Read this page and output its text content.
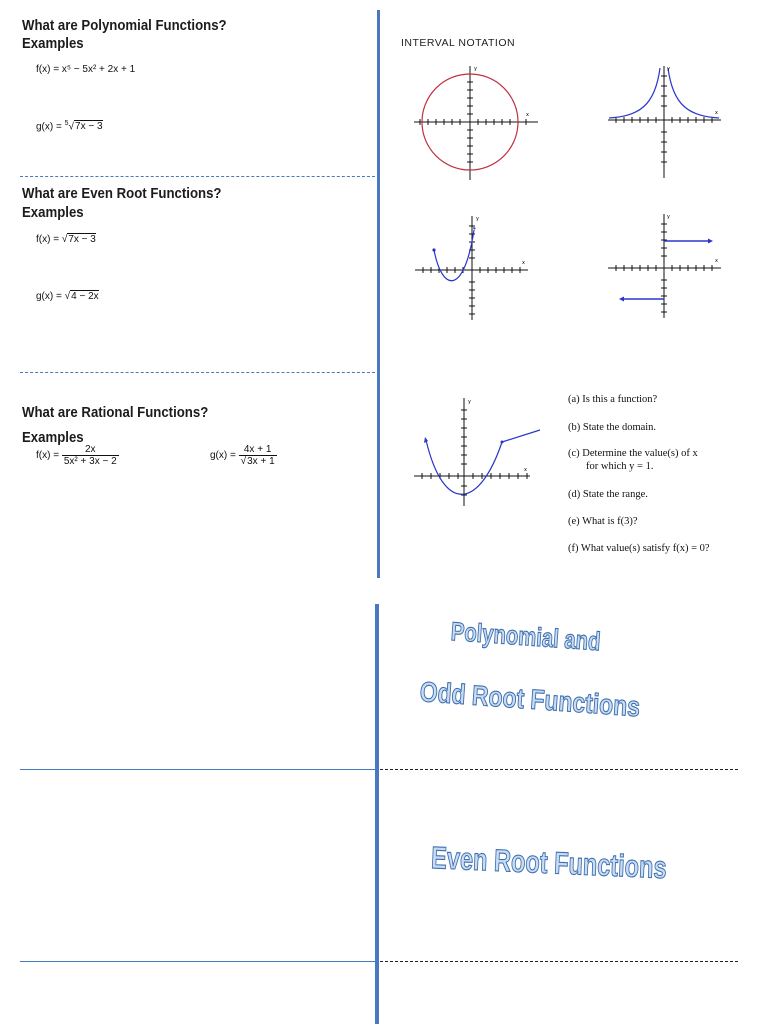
What are Polynomial Functions?
Examples
f(x) = x⁵ − 5x² + 2x + 1
g(x) = $^5$√7x − 3
What are Even Root Functions?
Examples
f(x) = √7x − 3
g(x) = √4 − 2x
What are Rational Functions?
Examples
$f(x) = \frac{2x}{\text{5x² + 3x − 2}}$	$g(x) = \frac{4x + 1}{√3x + 1}$
INTERVAL NOTATION
x
y
x
y
x
y
x
y
x
y	(a) Is this a function?
(b) State the domain.
(c) Determine the value(s) of x
for which y = 1.
(d) State the range.
(e) What is f(3)?
(f) What value(s) satisfy f(x) = 0?
Polynomial and
Odd Root Functions
Even Root Functions
